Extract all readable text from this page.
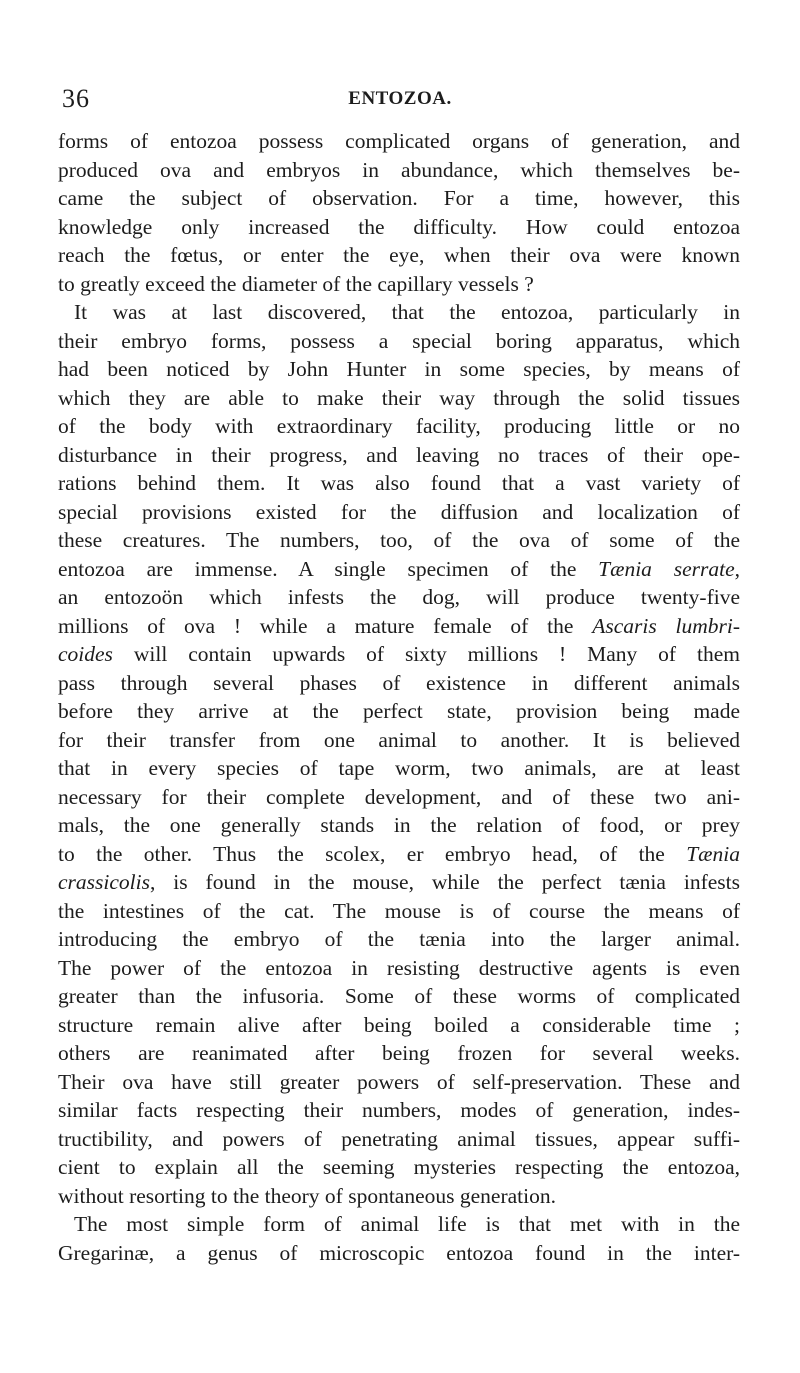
36	ENTOZOA.
forms of entozoa possess complicated organs of generation, and
produced ova and embryos in abundance, which themselves be-
came the subject of observation. For a time, however, this
knowledge only increased the difficulty. How could entozoa
reach the fœtus, or enter the eye, when their ova were known
to greatly exceed the diameter of the capillary vessels ?
It was at last discovered, that the entozoa, particularly in
their embryo forms, possess a special boring apparatus, which
had been noticed by John Hunter in some species, by means of
which they are able to make their way through the solid tissues
of the body with extraordinary facility, producing little or no
disturbance in their progress, and leaving no traces of their ope-
rations behind them. It was also found that a vast variety of
special provisions existed for the diffusion and localization of
these creatures. The numbers, too, of the ova of some of the
entozoa are immense. A single specimen of the Tænia serrate,
an entozoön which infests the dog, will produce twenty-five
millions of ova ! while a mature female of the Ascaris lumbri-
coides will contain upwards of sixty millions ! Many of them
pass through several phases of existence in different animals
before they arrive at the perfect state, provision being made
for their transfer from one animal to another. It is believed
that in every species of tape worm, two animals, are at least
necessary for their complete development, and of these two ani-
mals, the one generally stands in the relation of food, or prey
to the other. Thus the scolex, er embryo head, of the Tænia
crassicolis, is found in the mouse, while the perfect tænia infests
the intestines of the cat. The mouse is of course the means of
introducing the embryo of the tænia into the larger animal.
The power of the entozoa in resisting destructive agents is even
greater than the infusoria. Some of these worms of complicated
structure remain alive after being boiled a considerable time ;
others are reanimated after being frozen for several weeks.
Their ova have still greater powers of self-preservation. These and
similar facts respecting their numbers, modes of generation, indes-
tructibility, and powers of penetrating animal tissues, appear suffi-
cient to explain all the seeming mysteries respecting the entozoa,
without resorting to the theory of spontaneous generation.
The most simple form of animal life is that met with in the
Gregarinæ, a genus of microscopic entozoa found in the inter-
